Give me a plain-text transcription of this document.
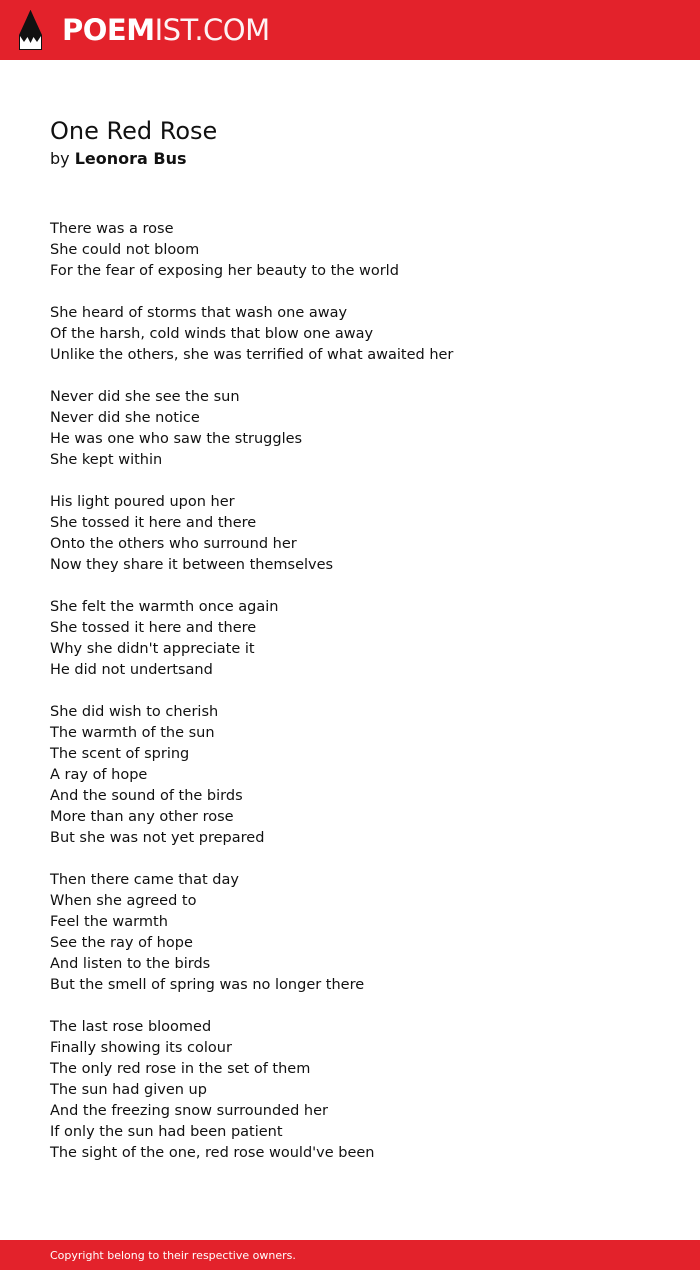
POEMIST.COM
One Red Rose
by Leonora Bus
There was a rose
She could not bloom
For the fear of exposing her beauty to the world
She heard of storms that wash one away
Of the harsh, cold winds that blow one away
Unlike the others, she was terrified of what awaited her
Never did she see the sun
Never did she notice
He was one who saw the struggles
She kept within
His light poured upon her
She tossed it here and there
Onto the others who surround her
Now they share it between themselves
She felt the warmth once again
She tossed it here and there
Why she didn't appreciate it
He did not undertsand
She did wish to cherish
The warmth of the sun
The scent of spring
A ray of hope
And the sound of the birds
More than any other rose
But she was not yet prepared
Then there came that day
When she agreed to
Feel the warmth
See the ray of hope
And listen to the birds
But the smell of spring was no longer there
The last rose bloomed
Finally showing its colour
The only red rose in the set of them
The sun had given up
And the freezing snow surrounded her
If only the sun had been patient
The sight of the one, red rose would've been
Copyright belong to their respective owners.
